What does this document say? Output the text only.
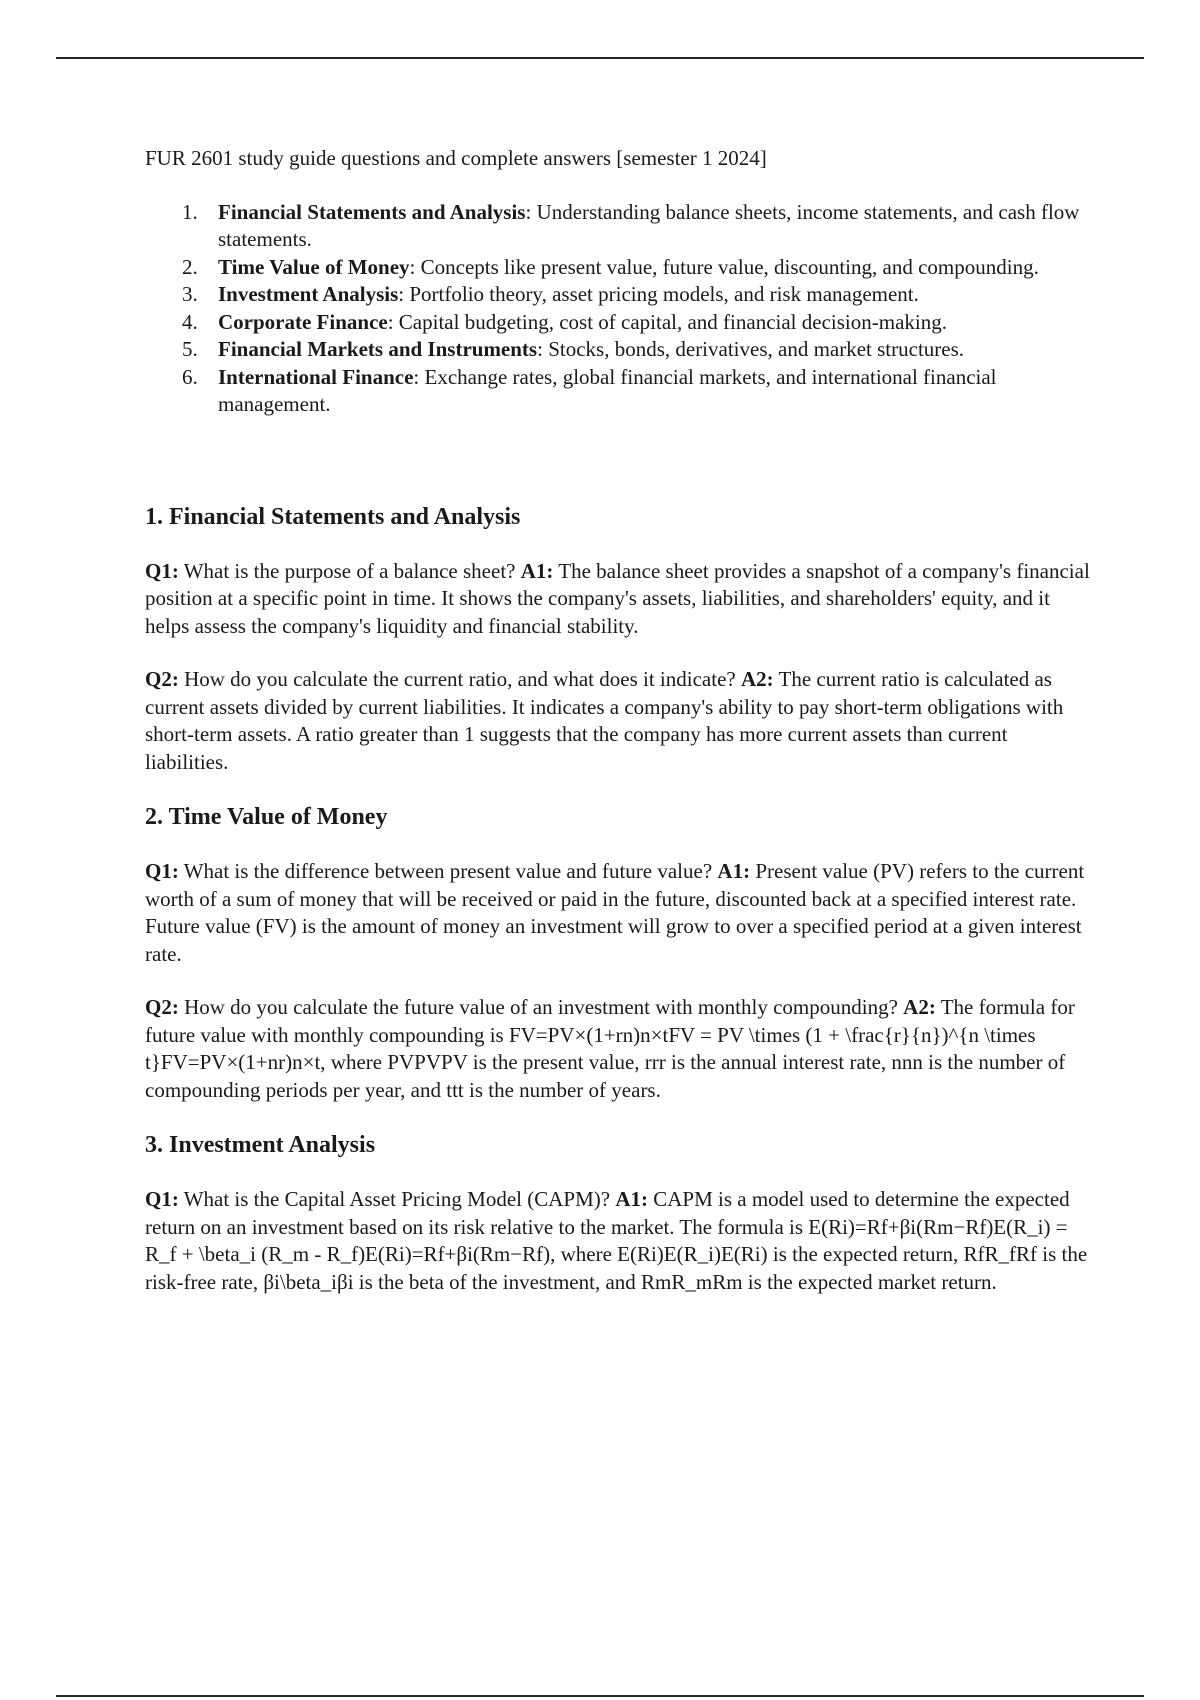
FUR 2601 study guide questions and complete answers [semester 1 2024]

1. Financial Statements and Analysis: Understanding balance sheets, income statements, and cash flow statements.
2. Time Value of Money: Concepts like present value, future value, discounting, and compounding.
3. Investment Analysis: Portfolio theory, asset pricing models, and risk management.
4. Corporate Finance: Capital budgeting, cost of capital, and financial decision-making.
5. Financial Markets and Instruments: Stocks, bonds, derivatives, and market structures.
6. International Finance: Exchange rates, global financial markets, and international financial management.
1. Financial Statements and Analysis

Q1: What is the purpose of a balance sheet? A1: The balance sheet provides a snapshot of a company's financial position at a specific point in time. It shows the company's assets, liabilities, and shareholders' equity, and it helps assess the company's liquidity and financial stability.

Q2: How do you calculate the current ratio, and what does it indicate? A2: The current ratio is calculated as current assets divided by current liabilities. It indicates a company's ability to pay short-term obligations with short-term assets. A ratio greater than 1 suggests that the company has more current assets than current liabilities.

2. Time Value of Money

Q1: What is the difference between present value and future value? A1: Present value (PV) refers to the current worth of a sum of money that will be received or paid in the future, discounted back at a specified interest rate. Future value (FV) is the amount of money an investment will grow to over a specified period at a given interest rate.

Q2: How do you calculate the future value of an investment with monthly compounding? A2: The formula for future value with monthly compounding is FV=PV×(1+rn)n×tFV = PV \times (1 + \frac{r}{n})^{n \times t}FV=PV×(1+nr)n×t, where PVPVPV is the present value, rrr is the annual interest rate, nnn is the number of compounding periods per year, and ttt is the number of years.

3. Investment Analysis

Q1: What is the Capital Asset Pricing Model (CAPM)? A1: CAPM is a model used to determine the expected return on an investment based on its risk relative to the market. The formula is E(Ri)=Rf+βi(Rm−Rf)E(R_i) = R_f + \beta_i (R_m - R_f)E(Ri)=Rf+βi(Rm−Rf), where E(Ri)E(R_i)E(Ri) is the expected return, RfR_fRf is the risk-free rate, βi\beta_iβi is the beta of the investment, and RmR_mRm is the expected market return.
